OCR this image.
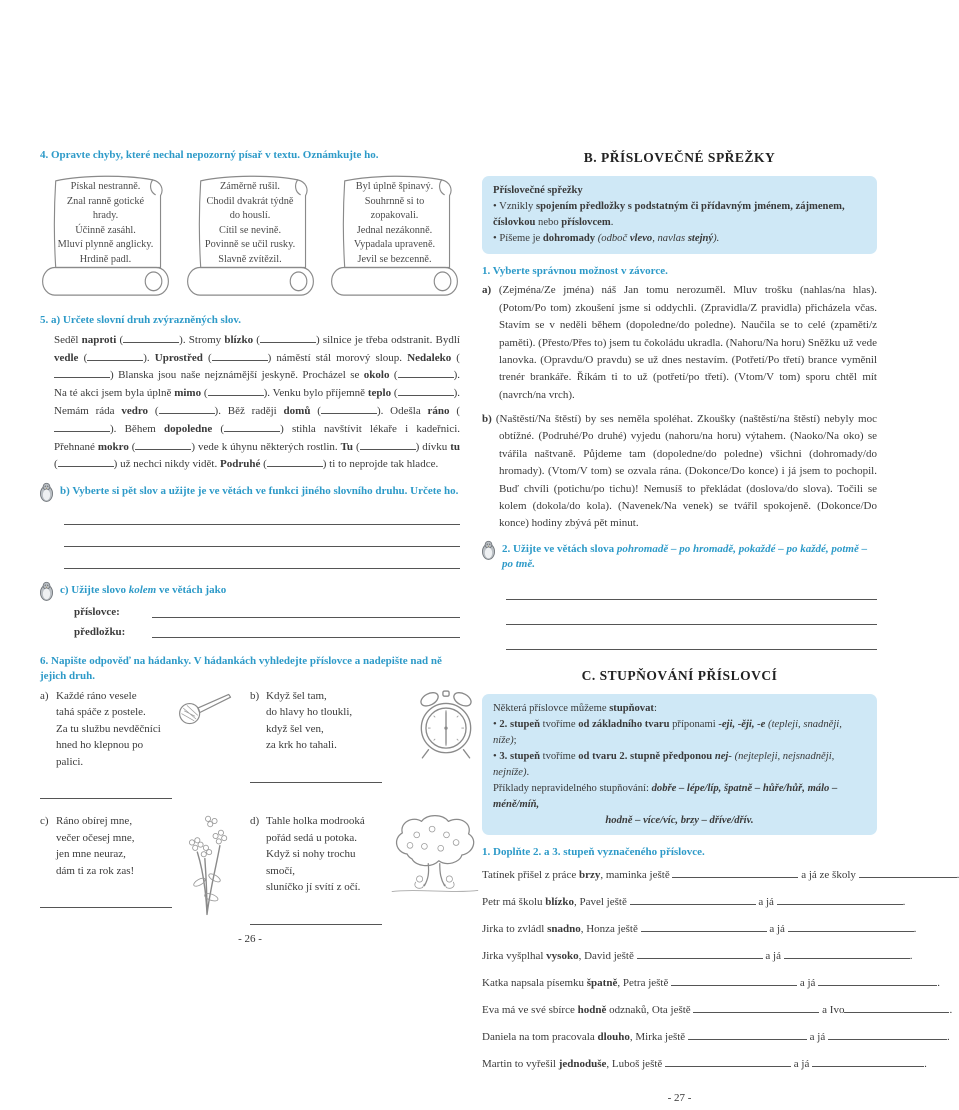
4. Opravte chyby, které nechal nepozorný písař v textu. Oznámkujte ho.
Pískal nestranně.
Znal ranně gotické
hrady.
Účinně zasáhl.
Mluví plynně anglicky.
Hrdině padl.
Záměrně rušil.
Chodil dvakrát týdně
do houslí.
Cítil se nevině.
Povinně se učil rusky.
Slavně zvítězil.
Byl úplně špinavý.
Souhrnně si to
zopakovali.
Jednal nezákonně.
Vypadala upraveně.
Jevil se bezcenně.
5. a) Určete slovní druh zvýrazněných slov.
Seděl naproti (	). Stromy blízko (	) silnice je třeba odstranit. Bydlí vedle (	). Uprostřed (	) náměstí stál morový sloup. Nedaleko () Blanska jsou naše nejznámější jeskyně. Procházel se okolo (	). Na té akci jsem byla úplně mimo (	). Venku bylo příjemně teplo (	). Nemám ráda vedro (	). Běž raději domů (	). Odešla ráno (). Během dopoledne (	) stihla navštívit lékaře i kadeřnici. Přehnané mokro (	) vede k úhynu některých rostlin. Tu (	) dívku tu (	) už nechci nikdy vidět. Podruhé (	) ti to neprojde tak hladce.
b) Vyberte si pět slov a užijte je ve větách ve funkci jiného slovního druhu. Určete ho.
c) Užijte slovo kolem ve větách jako
příslovce:
předložku:
6. Napište odpověď na hádanky. V hádankách vyhledejte příslovce a nadepište nad ně jejich druh.
a) Každé ráno vesele
tahá spáče z postele.
Za tu službu nevděčníci
hned ho klepnou po palici.
b) Když šel tam,
do hlavy ho tloukli,
když šel ven,
za krk ho tahali.
c) Ráno obírej mne,
večer očesej mne,
jen mne neuraz,
dám ti za rok zas!
d) Tahle holka modrooká
pořád sedá u potoka.
Když si nohy trochu smočí,
sluníčko jí svítí z očí.
- 26 -
B. PŘÍSLOVEČNÉ SPŘEŽKY
Příslovečné spřežky
• Vznikly spojením předložky s podstatným či přídavným jménem, zájmenem, číslovkou nebo příslovcem.
• Píšeme je dohromady (odboč vlevo, navlas stejný).
1. Vyberte správnou možnost v závorce.
a) (Zejména/Ze jména) náš Jan tomu nerozuměl. Mluv trošku (nahlas/na hlas). (Potom/Po tom) zkoušení jsme si oddychli. (Zpravidla/Z pravidla) přicházela včas. Stavím se v neděli během (dopoledne/do poledne). Naučila se to celé (zpaměti/z paměti). (Přesto/Přes to) jsem tu čokoládu ukradla. (Nahoru/Na horu) Sněžku už vede lanovka. (Opravdu/O pravdu) se už dnes nestavím. (Potřetí/Po třetí) brance vyměnil trenér brankáře. Říkám ti to už (potřetí/po třetí). (Vtom/V tom) sporu chtěl mít (navrch/na vrch).
b) (Naštěstí/Na štěstí) by ses neměla spoléhat. Zkoušky (naštěstí/na štěstí) nebyly moc obtížné. (Podruhé/Po druhé) vyjedu (nahoru/na horu) výtahem. (Naoko/Na oko) se tvářila naštvaně. Půjdeme tam (dopoledne/do poledne) všichni (dohromady/do hromady). (Vtom/V tom) se ozvala rána. (Dokonce/Do konce) i já jsem to pochopil. Buď chvíli (potichu/po tichu)! Nemusíš to překládat (doslova/do slova). Točili se kolem (dokola/do kola). (Navenek/Na venek) se tvářil spokojeně. (Dokonce/Do konce) hodiny zbývá pět minut.
2. Užijte ve větách slova pohromadě – po hromadě, pokaždé – po každé, potmě – po tmě.
C. STUPŇOVÁNÍ PŘÍSLOVCÍ
Některá příslovce můžeme stupňovat:
• 2. stupeň tvoříme od základního tvaru příponami -eji, -ěji, -e (tepleji, snadněji, níže);
• 3. stupeň tvoříme od tvaru 2. stupně předponou nej- (nejtepleji, nejsnadněji, nejníže).
Příklady nepravidelného stupňování: dobře – lépe/líp, špatně – hůře/hůř, málo – méně/míň,
hodně – více/víc, brzy – dříve/dřív.
1. Doplňte 2. a 3. stupeň vyznačeného příslovce.
Tatínek přišel z práce brzy, maminka ještě	a já ze školy
Petr má školu blízko, Pavel ještě	a já	.
Jirka to zvládl snadno, Honza ještě	a já	.
Jirka vyšplhal vysoko, David ještě	a já	.
Katka napsala písemku špatně, Petra ještě	a já	.
Eva má ve své sbírce hodně odznaků, Ota ještě	a Ivo	.
Daniela na tom pracovala dlouho, Mirka ještě	a já	.
Martin to vyřešil jednoduše, Luboš ještě	a já	.
- 27 -
